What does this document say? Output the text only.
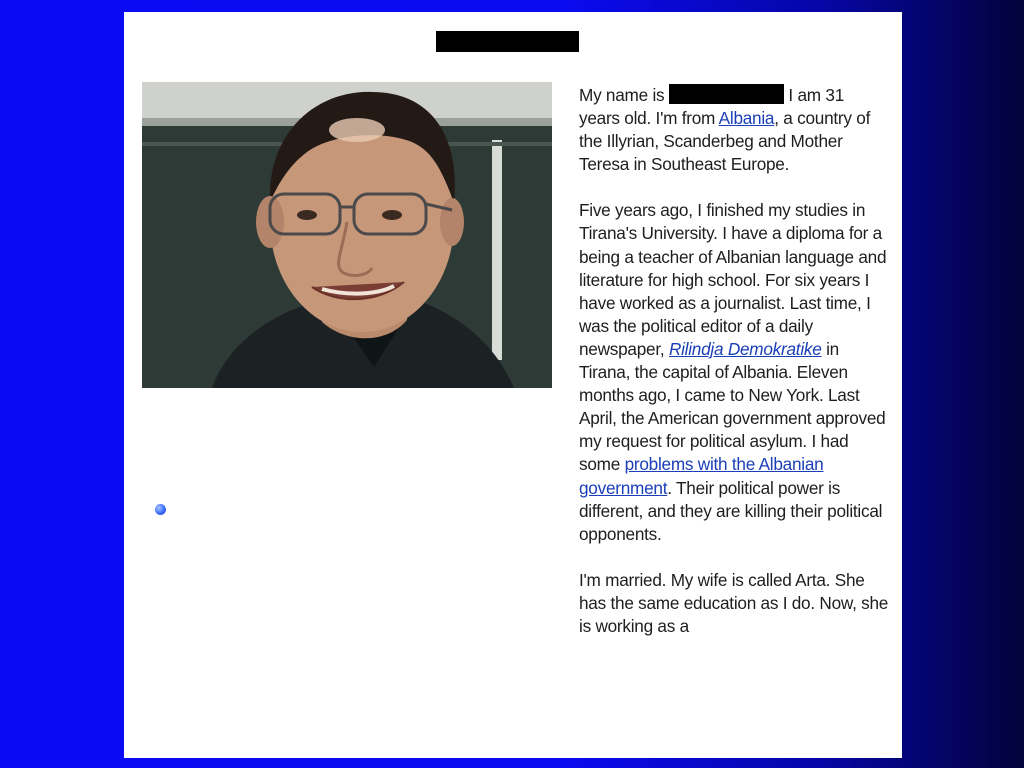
My name is	I am 31 years old. I'm from Albania, a country of the Illyrian, Scanderbeg and Mother Teresa in Southeast Europe.

Five years ago, I finished my studies in Tirana's University. I have a diploma for a being a teacher of Albanian language and literature for high school. For six years I have worked as a journalist. Last time, I was the political editor of a daily newspaper, Rilindja Demokratike in Tirana, the capital of Albania. Eleven months ago, I came to New York. Last April, the American government approved my request for political asylum. I had some problems with the Albanian government. Their political power is different, and they are killing their political opponents.

I'm married. My wife is called Arta. She has the same education as I do. Now, she is working as a

A more complex page with image, student’s name, and a longer description
